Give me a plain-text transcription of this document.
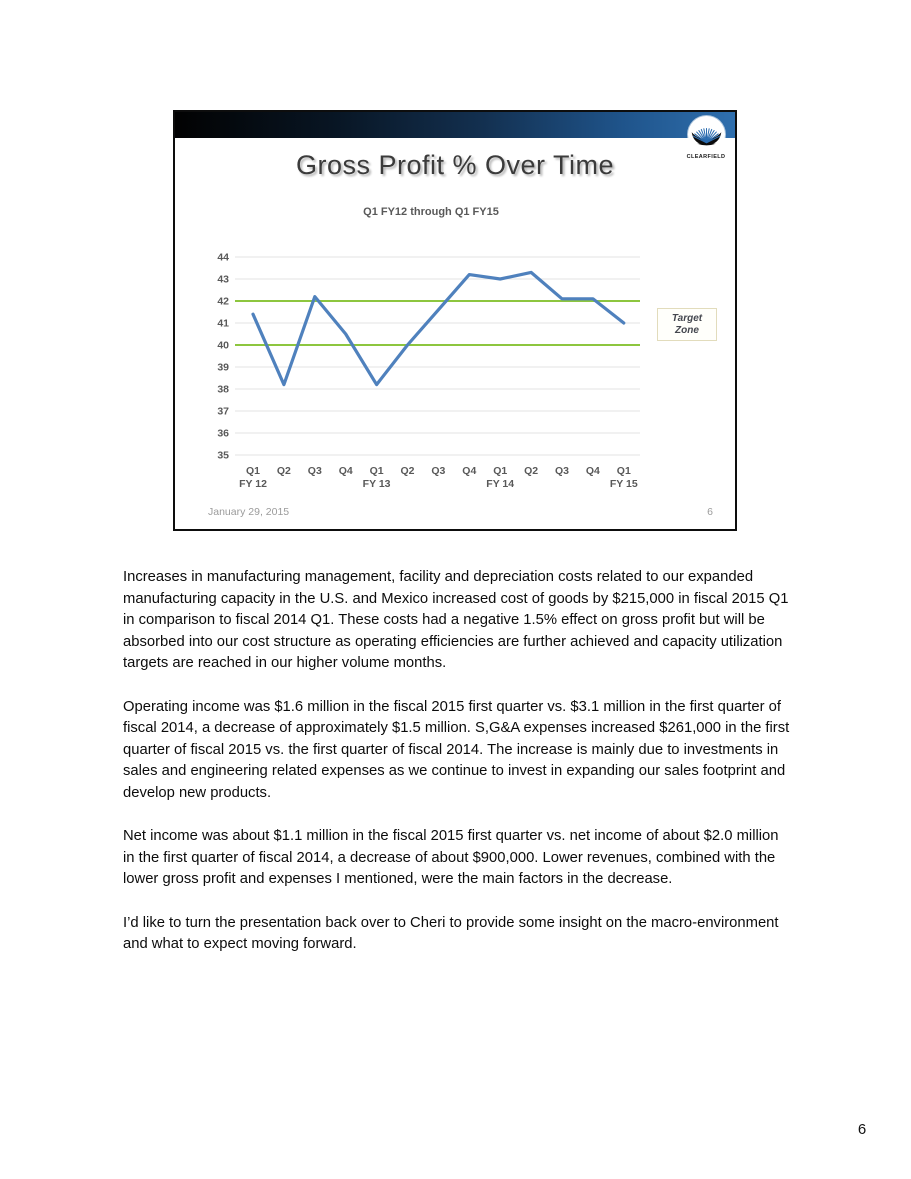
CLEARFIELD
Gross Profit % Over Time
Q1 FY12 through Q1 FY15
35
36
37
38
39
40
41
42
43
44
Q1 Q2 Q3 Q4 Q1 Q2 Q3 Q4 Q1 Q2 Q3 Q4 Q1
FY 12	FY 13	FY 14	FY 15
Target
Zone
January 29, 2015	6

Increases in manufacturing management, facility and depreciation costs related to our expanded manufacturing capacity in the U.S. and Mexico increased cost of goods by $215,000 in fiscal 2015 Q1 in comparison to fiscal 2014 Q1. These costs had a negative 1.5% effect on gross profit but will be absorbed into our cost structure as operating efficiencies are further achieved and capacity utilization targets are reached in our higher volume months.

Operating income was $1.6 million in the fiscal 2015 first quarter vs. $3.1 million in the first quarter of fiscal 2014, a decrease of approximately $1.5 million. S,G&A expenses increased $261,000 in the first quarter of fiscal 2015 vs. the first quarter of fiscal 2014. The increase is mainly due to investments in sales and engineering related expenses as we continue to invest in expanding our sales footprint and develop new products.

Net income was about $1.1 million in the fiscal 2015 first quarter vs. net income of about $2.0 million in the first quarter of fiscal 2014, a decrease of about $900,000. Lower revenues, combined with the lower gross profit and expenses I mentioned, were the main factors in the decrease.

I’d like to turn the presentation back over to Cheri to provide some insight on the macro-environment and what to expect moving forward.

6
